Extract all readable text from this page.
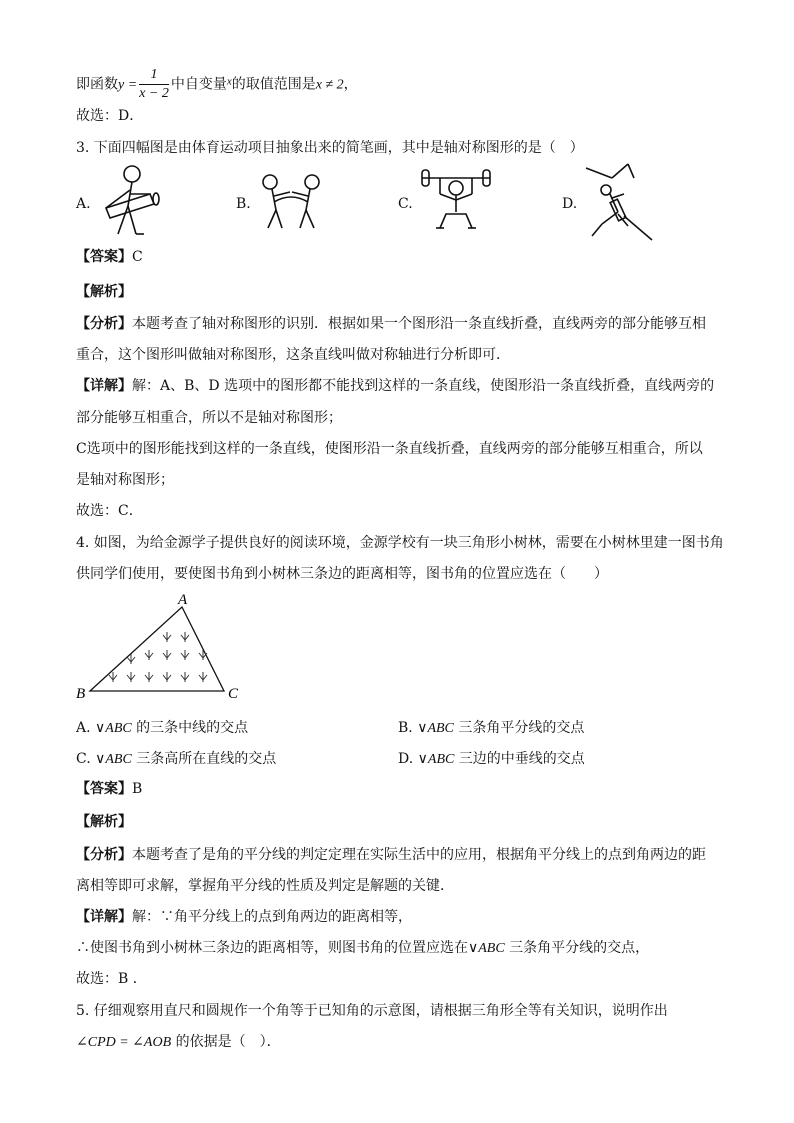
即函数$y = \frac{1}{x - 2}$ 中自变量$^x$的取值范围是x ≠ 2，
故选：D．
3. 下面四幅图是由体育运动项目抽象出来的简笔画，其中是轴对称图形的是（　）
A.	B.	C.	D.
【答案】C
【解析】
【分析】本题考查了轴对称图形的识别．根据如果一个图形沿一条直线折叠，直线两旁的部分能够互相
重合，这个图形叫做轴对称图形，这条直线叫做对称轴进行分析即可．
【详解】解：A、B、D 选项中的图形都不能找到这样的一条直线，使图形沿一条直线折叠，直线两旁的
部分能够互相重合，所以不是轴对称图形；
C选项中的图形能找到这样的一条直线，使图形沿一条直线折叠，直线两旁的部分能够互相重合，所以
是轴对称图形；
故选：C．
4. 如图，为给金源学子提供良好的阅读环境，金源学校有一块三角形小树林，需要在小树林里建一图书角
供同学们使用，要使图书角到小树林三条边的距离相等，图书角的位置应选在（　　）
A
B	C
A. ∨ABC 的三条中线的交点	B. ∨ABC 三条角平分线的交点
C. ∨ABC 三条高所在直线的交点	D. ∨ABC 三边的中垂线的交点
【答案】B
【解析】
【分析】本题考查了是角的平分线的判定定理在实际生活中的应用，根据角平分线上的点到角两边的距
离相等即可求解，掌握角平分线的性质及判定是解题的关键．
【详解】解：∵角平分线上的点到角两边的距离相等，
∴使图书角到小树林三条边的距离相等，则图书角的位置应选在∨ABC 三条角平分线的交点，
故选：B ．
5. 仔细观察用直尺和圆规作一个角等于已知角的示意图，请根据三角形全等有关知识，说明作出
∠CPD = ∠AOB 的依据是（　）．
